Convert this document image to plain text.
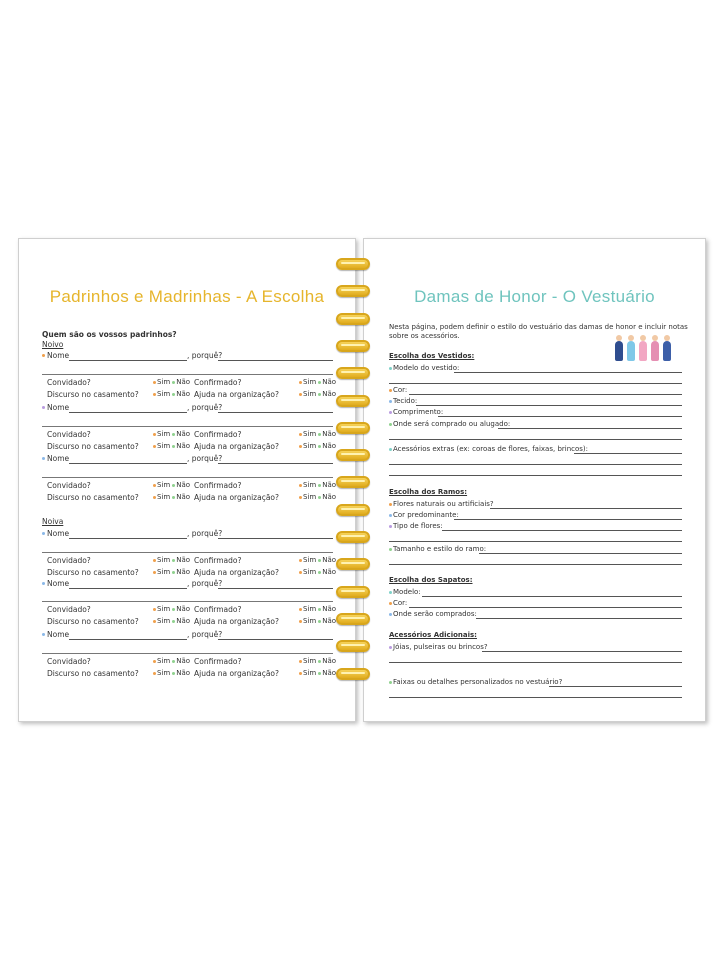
Padrinhos e Madrinhas - A Escolha
Quem são os vossos padrinhos?
Noivo
Nome	, porquê?
Convidado?	Sim Não Confirmado?	Sim Não
Discurso no casamento?	Sim Não Ajuda na organização?	Sim Não
Nome	, porquê?
Convidado?	Sim Não Confirmado?	Sim Não
Discurso no casamento?	Sim Não Ajuda na organização?	Sim Não
Nome	, porquê?
Convidado?	Sim Não Confirmado?	Sim Não
Discurso no casamento?	Sim Não Ajuda na organização?	Sim Não
Noiva
Nome	, porquê?
Convidado?	Sim Não Confirmado?	Sim Não
Discurso no casamento?	Sim Não Ajuda na organização?	Sim Não
Nome	, porquê?
Convidado?	Sim Não Confirmado?	Sim Não
Discurso no casamento?	Sim Não Ajuda na organização?	Sim Não
Nome	, porquê?
Convidado?	Sim Não Confirmado?	Sim Não
Discurso no casamento?	Sim Não Ajuda na organização?	Sim Não
Damas de Honor - O Vestuário
Nesta página, podem definir o estilo do vestuário das damas de honor e incluir notas sobre os acessórios.
Escolha dos Vestidos:
Modelo do vestido:
Cor:
Tecido:
Comprimento:
Onde será comprado ou alugado:
Acessórios extras (ex: coroas de flores, faixas, brincos):
Escolha dos Ramos:
Flores naturais ou artificiais?
Cor predominante:
Tipo de flores:
Tamanho e estilo do ramo:
Escolha dos Sapatos:
Modelo:
Cor:
Onde serão comprados:
Acessórios Adicionais:
Jóias, pulseiras ou brincos?
Faixas ou detalhes personalizados no vestuário?
